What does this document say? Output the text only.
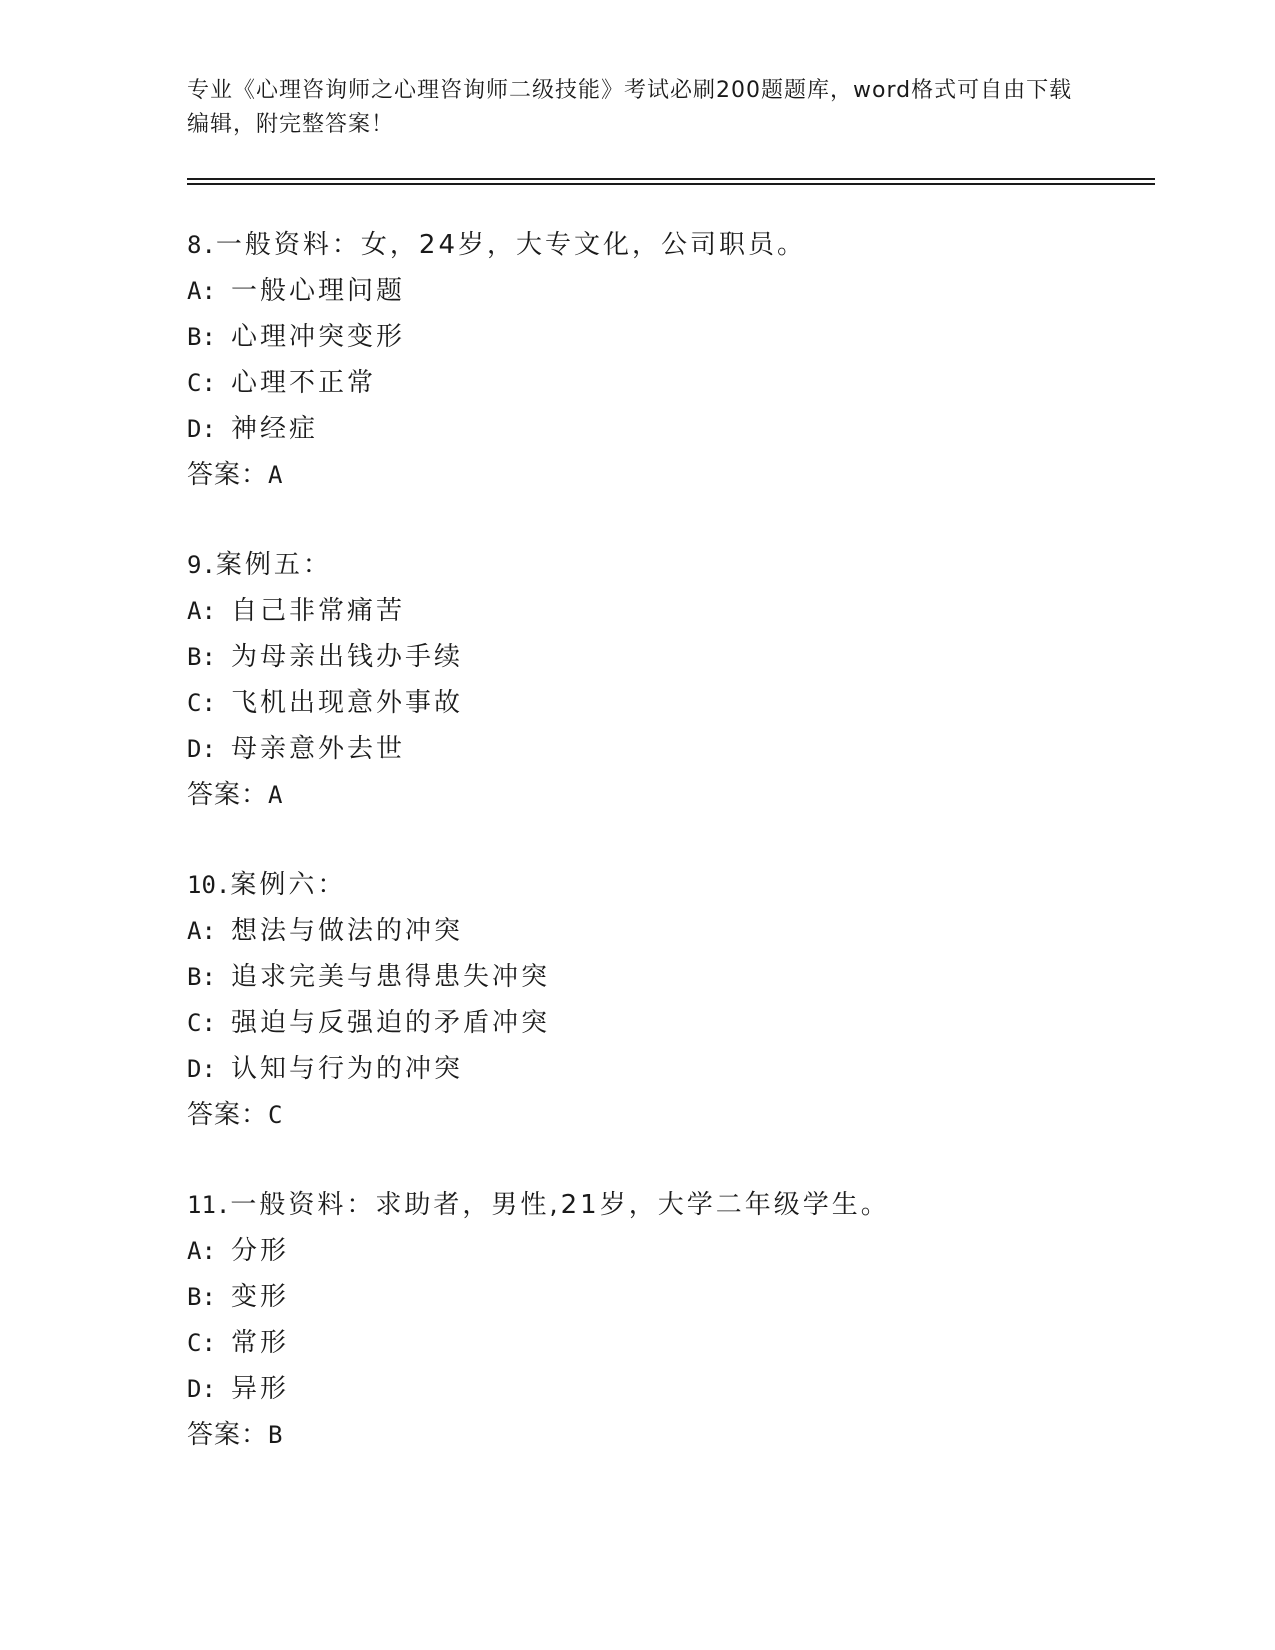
专业《心理咨询师之心理咨询师二级技能》考试必刷200题题库，word格式可自由下载编辑，附完整答案！
8.一般资料：女，24岁，大专文化，公司职员。
A: 一般心理问题
B: 心理冲突变形
C: 心理不正常
D: 神经症
答案：A
9.案例五：
A: 自己非常痛苦
B: 为母亲出钱办手续
C: 飞机出现意外事故
D: 母亲意外去世
答案：A
10.案例六：
A: 想法与做法的冲突
B: 追求完美与患得患失冲突
C: 强迫与反强迫的矛盾冲突
D: 认知与行为的冲突
答案：C
11.一般资料：求助者，男性,21岁，大学二年级学生。
A: 分形
B: 变形
C: 常形
D: 异形
答案：B
